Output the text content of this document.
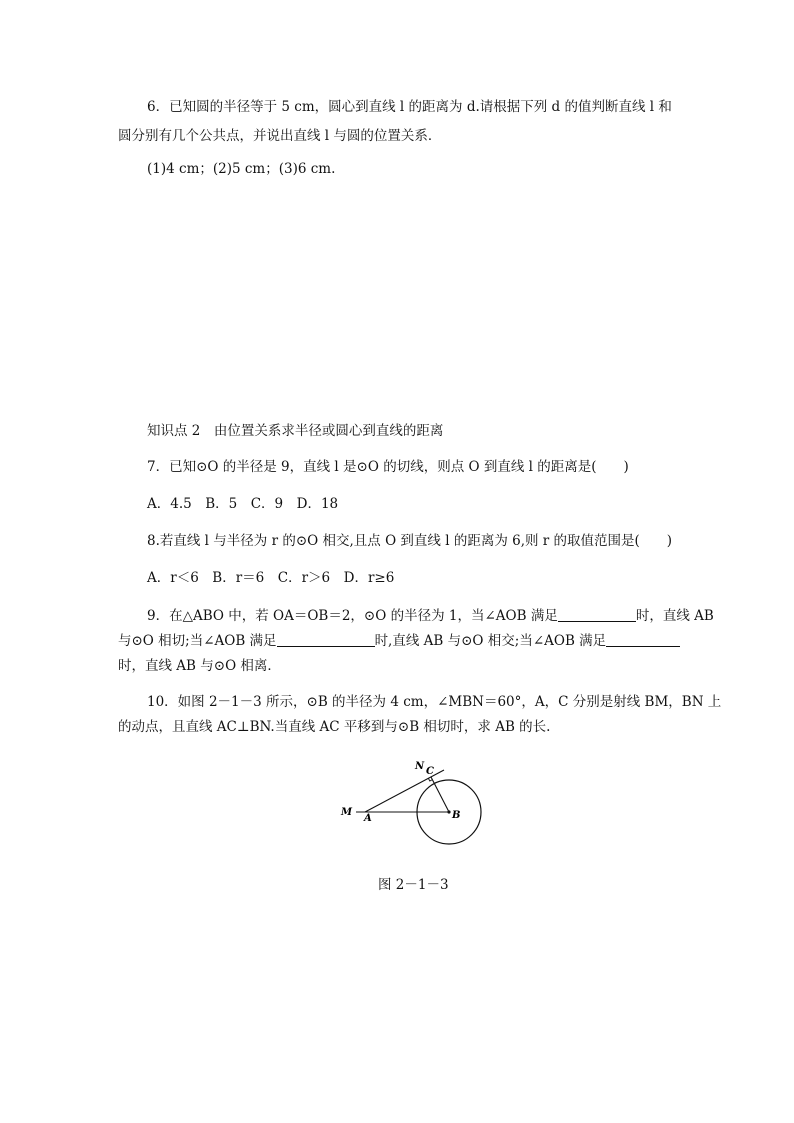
6．已知圆的半径等于 5 cm，圆心到直线 l 的距离为 d.请根据下列 d 的值判断直线 l 和
圆分别有几个公共点，并说出直线 l 与圆的位置关系．
(1)4 cm；(2)5 cm；(3)6 cm.
知识点 2　由位置关系求半径或圆心到直线的距离
7．已知⊙O 的半径是 9，直线 l 是⊙O 的切线，则点 O 到直线 l 的距离是(　　)
A．4.5　B．5　C．9　D．18
8.若直线 l 与半径为 r 的⊙O 相交,且点 O 到直线 l 的距离为 6,则 r 的取值范围是(　　)
A．r＜6　B．r＝6　C．r＞6　D．r≥6
9．在△ABO 中，若 OA＝OB＝2，⊙O 的半径为 1，当∠AOB 满足	时，直线 AB
与⊙O 相切;当∠AOB 满足	时,直线 AB 与⊙O 相交;当∠AOB 满足
时，直线 AB 与⊙O 相离．
10．如图 2－1－3 所示，⊙B 的半径为 4 cm，∠MBN＝60°，A，C 分别是射线 BM，BN 上
的动点，且直线 AC⊥BN.当直线 AC 平移到与⊙B 相切时，求 AB 的长.
N C
M
A	B
图 2－1－3
